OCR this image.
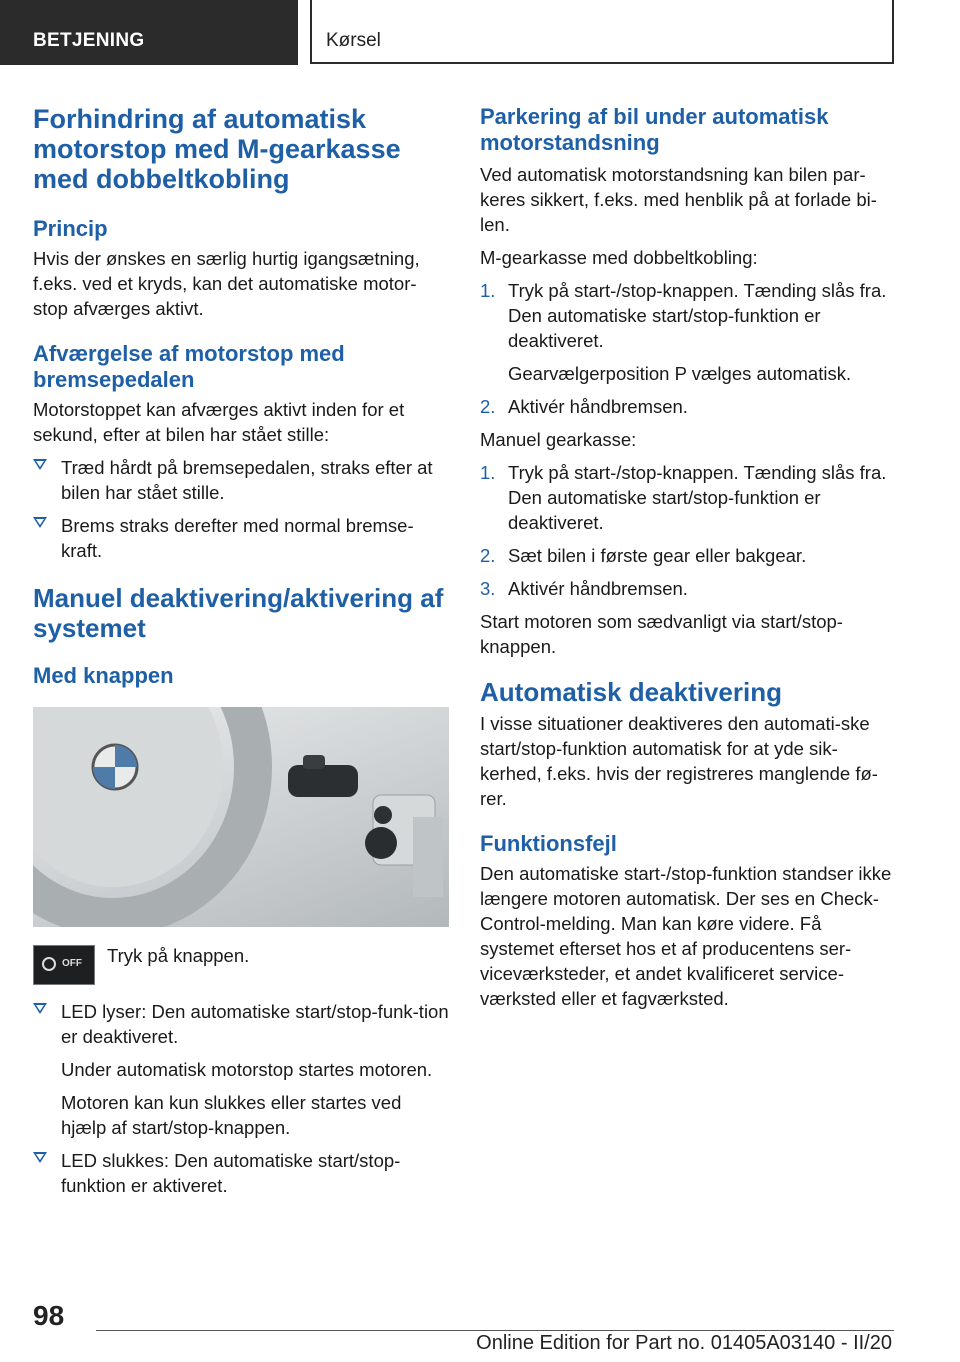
BETJENING	Kørsel
Forhindring af automatisk motorstop med M-gearkasse med dobbeltkobling
Princip

Hvis der ønskes en særlig hurtig igangsætning, f.eks. ved et kryds, kan det automatiske motor-stop afværges aktivt.

Afværgelse af motorstop med bremsepedalen

Motorstoppet kan afværges aktivt inden for et sekund, efter at bilen har stået stille:

Træd hårdt på bremsepedalen, straks efter at bilen har stået stille.

Brems straks derefter med normal bremse-kraft.

Manuel deaktivering/aktivering af systemet
Med knappen
OFF Tryk på knappen.

LED lyser: Den automatiske start/stop-funk-tion er deaktiveret.

Under automatisk motorstop startes motoren.

Motoren kan kun slukkes eller startes ved hjælp af start/stop-knappen.

LED slukkes: Den automatiske start/stop-funktion er aktiveret.

Parkering af bil under automatisk motorstandsning

Ved automatisk motorstandsning kan bilen par-keres sikkert, f.eks. med henblik på at forlade bi-len.

M-gearkasse med dobbeltkobling:

1. Tryk på start-/stop-knappen. Tænding slås fra. Den automatiske start/stop-funktion er deaktiveret.

Gearvælgerposition P vælges automatisk.

2. Aktivér håndbremsen.

Manuel gearkasse:

1. Tryk på start-/stop-knappen. Tænding slås fra. Den automatiske start/stop-funktion er deaktiveret.

2. Sæt bilen i første gear eller bakgear.

3. Aktivér håndbremsen.

Start motoren som sædvanligt via start/stop-knappen.

Automatisk deaktivering

I visse situationer deaktiveres den automati-ske start/stop-funktion automatisk for at yde sik-kerhed, f.eks. hvis der registreres manglende fø-rer.

Funktionsfejl

Den automatiske start-/stop-funktion standser ikke længere motoren automatisk. Der ses en Check-Control-melding. Man kan køre videre. Få systemet efterset hos et af producentens ser-viceværksteder, et andet kvalificeret service-værksted eller et fagværksted.

98
Online Edition for Part no. 01405A03140 - II/20
